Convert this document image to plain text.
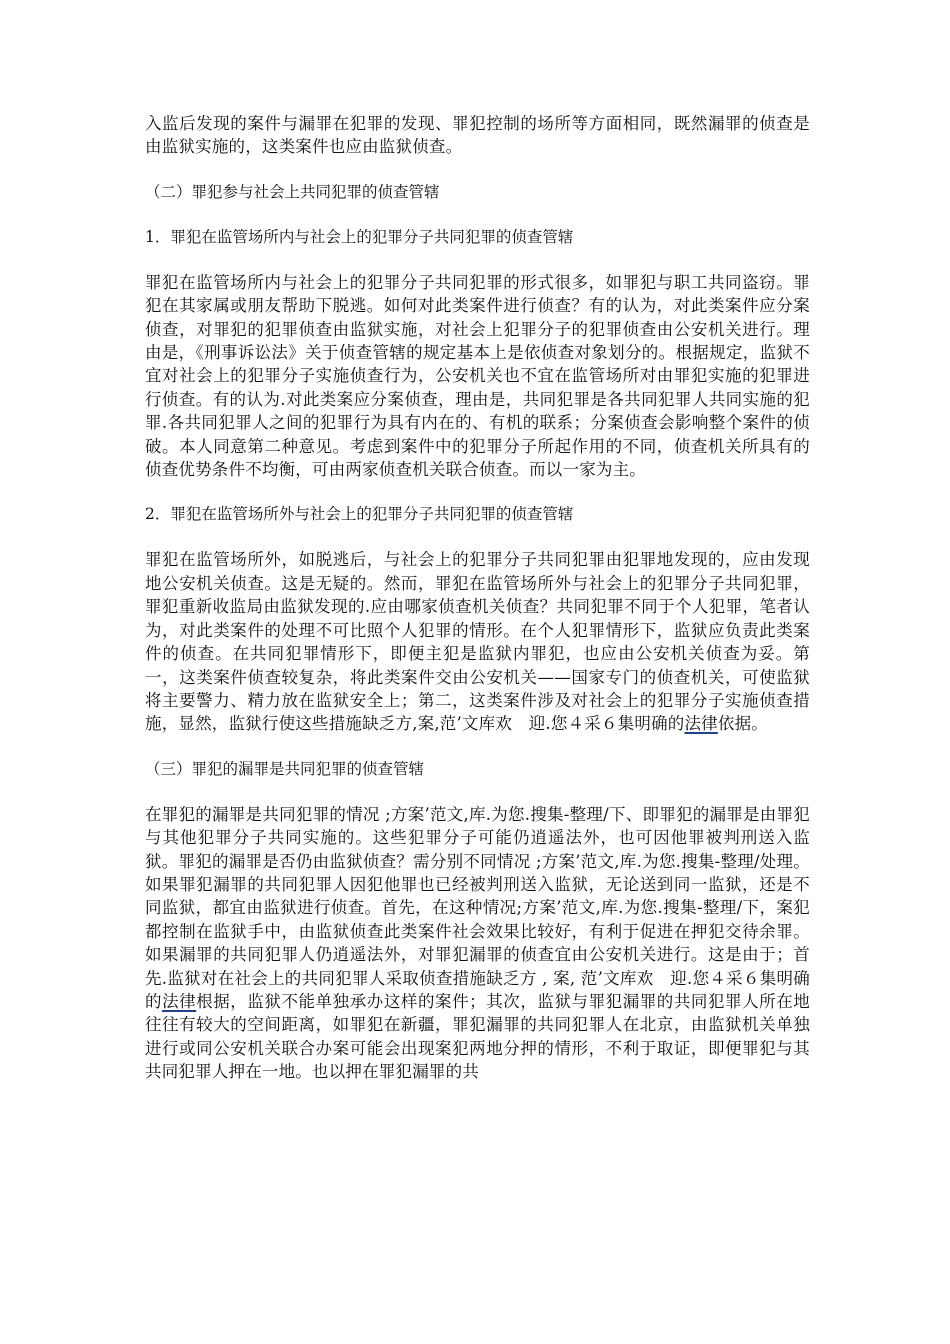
入监后发现的案件与漏罪在犯罪的发现、罪犯控制的场所等方面相同，既然漏罪的侦查是由监狱实施的，这类案件也应由监狱侦查。

（二）罪犯参与社会上共同犯罪的侦查管辖
1．罪犯在监管场所内与社会上的犯罪分子共同犯罪的侦查管辖

罪犯在监管场所内与社会上的犯罪分子共同犯罪的形式很多，如罪犯与职工共同盗窃。罪犯在其家属或朋友帮助下脱逃。如何对此类案件进行侦查？有的认为，对此类案件应分案侦查，对罪犯的犯罪侦查由监狱实施，对社会上犯罪分子的犯罪侦查由公安机关进行。理由是，《刑事诉讼法》关于侦查管辖的规定基本上是依侦查对象划分的。根据规定，监狱不宜对社会上的犯罪分子实施侦查行为，公安机关也不宜在监管场所对由罪犯实施的犯罪进行侦查。有的认为.对此类案应分案侦查，理由是，共同犯罪是各共同犯罪人共同实施的犯罪.各共同犯罪人之间的犯罪行为具有内在的、有机的联系；分案侦查会影响整个案件的侦破。本人同意第二种意见。考虑到案件中的犯罪分子所起作用的不同，侦查机关所具有的侦查优势条件不均衡，可由两家侦查机关联合侦查。而以一家为主。

2．罪犯在监管场所外与社会上的犯罪分子共同犯罪的侦查管辖

罪犯在监管场所外，如脱逃后，与社会上的犯罪分子共同犯罪由犯罪地发现的，应由发现地公安机关侦查。这是无疑的。然而，罪犯在监管场所外与社会上的犯罪分子共同犯罪，罪犯重新收监局由监狱发现的.应由哪家侦查机关侦查？共同犯罪不同于个人犯罪，笔者认为，对此类案件的处理不可比照个人犯罪的情形。在个人犯罪情形下，监狱应负责此类案件的侦查。在共同犯罪情形下，即便主犯是监狱内罪犯，也应由公安机关侦查为妥。第一，这类案件侦查较复杂，将此类案件交由公安机关——国家专门的侦查机关，可使监狱将主要警力、精力放在监狱安全上；第二，这类案件涉及对社会上的犯罪分子实施侦查措施，显然，监狱行使这些措施缺乏方,案,范’文库欢　迎.您４采６集明确的法律依据。

（三）罪犯的漏罪是共同犯罪的侦查管辖

在罪犯的漏罪是共同犯罪的情况 ;方案’范文,库.为您.搜集-整理/下、即罪犯的漏罪是由罪犯与其他犯罪分子共同实施的。这些犯罪分子可能仍逍遥法外，也可因他罪被判刑送入监狱。罪犯的漏罪是否仍由监狱侦查？需分别不同情况 ;方案’范文,库.为您.搜集-整理/处理。如果罪犯漏罪的共同犯罪人因犯他罪也已经被判刑送入监狱，无论送到同一监狱，还是不同监狱，都宜由监狱进行侦查。首先，在这种情况;方案’范文,库.为您.搜集-整理/下，案犯都控制在监狱手中，由监狱侦查此类案件社会效果比较好，有利于促进在押犯交待余罪。如果漏罪的共同犯罪人仍逍遥法外，对罪犯漏罪的侦查宜由公安机关进行。这是由于；首先.监狱对在社会上的共同犯罪人采取侦查措施缺乏方 , 案, 范’文库欢　迎.您４采６集明确的法律根据，监狱不能单独承办这样的案件；其次，监狱与罪犯漏罪的共同犯罪人所在地往往有较大的空间距离，如罪犯在新疆，罪犯漏罪的共同犯罪人在北京，由监狱机关单独进行或同公安机关联合办案可能会出现案犯两地分押的情形，不利于取证，即便罪犯与其共同犯罪人押在一地。也以押在罪犯漏罪的共
